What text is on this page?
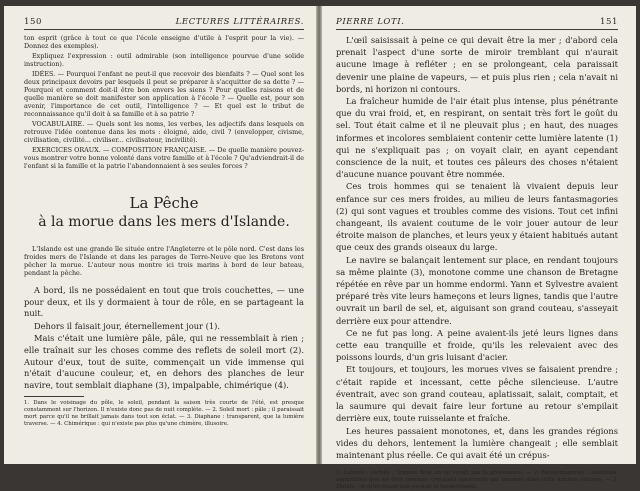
150	LECTURES LITTÉRAIRES.

ton esprit (grâce à tout ce que l'école enseigne d'utile à l'esprit pour la vie). — Donnez des exemples).

Expliquez l'expression : outil admirable (son intelligence pourvue d'une solide instruction).

IDÉES. — Pourquoi l'enfant ne peut-il que recevoir des bienfaits ? — Quel sont les deux principaux devoirs par lesquels il peut se préparer à s'acquitter de sa dette ? — Pourquoi et comment doit-il être bon envers les siens ? Pour quelles raisons et de quelle manière se doit manifester son application à l'école ? — Quelle est, pour son avenir, l'importance de cet outil, l'intelligence ? — Et quel est le tribut de reconnaissance qu'il doit à sa famille et à sa patrie ?

VOCABULAIRE. — Quels sont les noms, les verbes, les adjectifs dans lesquels on retrouve l'idée contenue dans les mots : éloigné, aide, civil ? (envelopper, civisme, civilisation, civilité... civiliser... civilisateur, incivilité).

EXERCICES ORAUX. — COMPOSITION FRANÇAISE. — De quelle manière pouvez-vous montrer votre bonne volonté dans votre famille et à l'école ? Qu'adviendrait-il de l'enfant si la famille et la patrie l'abandonnaient à ses seules forces ?

La Pêche
à la morue dans les mers d'Islande.

L'Islande est une grande île située entre l'Angleterre et le pôle nord. C'est dans les froides mers de l'Islande et dans les parages de Terre-Neuve que les Bretons vont pêcher la morue. L'auteur nous montre ici trois marins à bord de leur bateau, pendant la pêche.

A bord, ils ne possédaient en tout que trois couchettes, — une pour deux, et ils y dormaient à tour de rôle, en se partageant la nuit.

Dehors il faisait jour, éternellement jour (1).

Mais c'était une lumière pâle, pâle, qui ne ressemblait à rien ; elle traînait sur les choses comme des reflets de soleil mort (2). Autour d'eux, tout de suite, commençait un vide immense qui n'était d'aucune couleur, et, en dehors des planches de leur navire, tout semblait diaphane (3), impalpable, chimérique (4).

1. Dans le voisinage du pôle, le soleil, pendant la saison très courte de l'été, est presque constamment sur l'horizon. Il n'existe donc pas de nuit complète. — 2. Soleil mort : pâle ; il paraissait mort parce qu'il ne brillait jamais dans tout son éclat. — 3. Diaphane : transparent, que la lumière traverse. — 4. Chimérique : qui n'existe pas plus qu'une chimère, illusoire.

PIERRE LOTI.	151

L'œil saisissait à peine ce qui devait être la mer ; d'abord cela prenait l'aspect d'une sorte de miroir tremblant qui n'aurait aucune image à refléter ; en se prolongeant, cela paraissait devenir une plaine de vapeurs, — et puis plus rien ; cela n'avait ni bords, ni horizon ni contours.

La fraîcheur humide de l'air était plus intense, plus pénétrante que du vrai froid, et, en respirant, on sentait très fort le goût du sel. Tout était calme et il ne pleuvait plus ; en haut, des nuages informes et incolores semblaient contenir cette lumière latente (1) qui ne s'expliquait pas ; on voyait clair, en ayant cependant conscience de la nuit, et toutes ces pâleurs des choses n'étaient d'aucune nuance pouvant être nommée.

Ces trois hommes qui se tenaient là vivaient depuis leur enfance sur ces mers froides, au milieu de leurs fantasmagories (2) qui sont vagues et troubles comme des visions. Tout cet infini changeant, ils avaient coutume de le voir jouer autour de leur étroite maison de planches, et leurs yeux y étaient habitués autant que ceux des grands oiseaux du large.

Le navire se balançait lentement sur place, en rendant toujours sa même plainte (3), monotone comme une chanson de Bretagne répétée en rêve par un homme endormi. Yann et Sylvestre avaient préparé très vite leurs hameçons et leurs lignes, tandis que l'autre ouvrait un baril de sel, et, aiguisant son grand couteau, s'asseyait derrière eux pour attendre.

Ce ne fut pas long. A peine avaient-ils jeté leurs lignes dans cette eau tranquille et froide, qu'ils les relevaient avec des poissons lourds, d'un gris luisant d'acier.

Et toujours, et toujours, les morues vives se faisaient prendre ; c'était rapide et incessant, cette pêche silencieuse. L'autre éventrait, avec son grand couteau, aplatissait, salait, comptait, et la saumure qui devait faire leur fortune au retour s'empilait derrière eux, toute ruisselante et fraîche.

Les heures passaient monotones, et, dans les grandes régions vides du dehors, lentement la lumière changeait ; elle semblait maintenant plus réelle. Ce qui avait été un crépus-

1. Latente : cachée ; lumière dont on ne voyait pas la provenance. — 2. Fantasmagories : fantômes, apparitions que les trois hommes croyaient apercevoir par moment dans cette lumière étrange. — 3. Plainte : le grincement que produit le balancement.
